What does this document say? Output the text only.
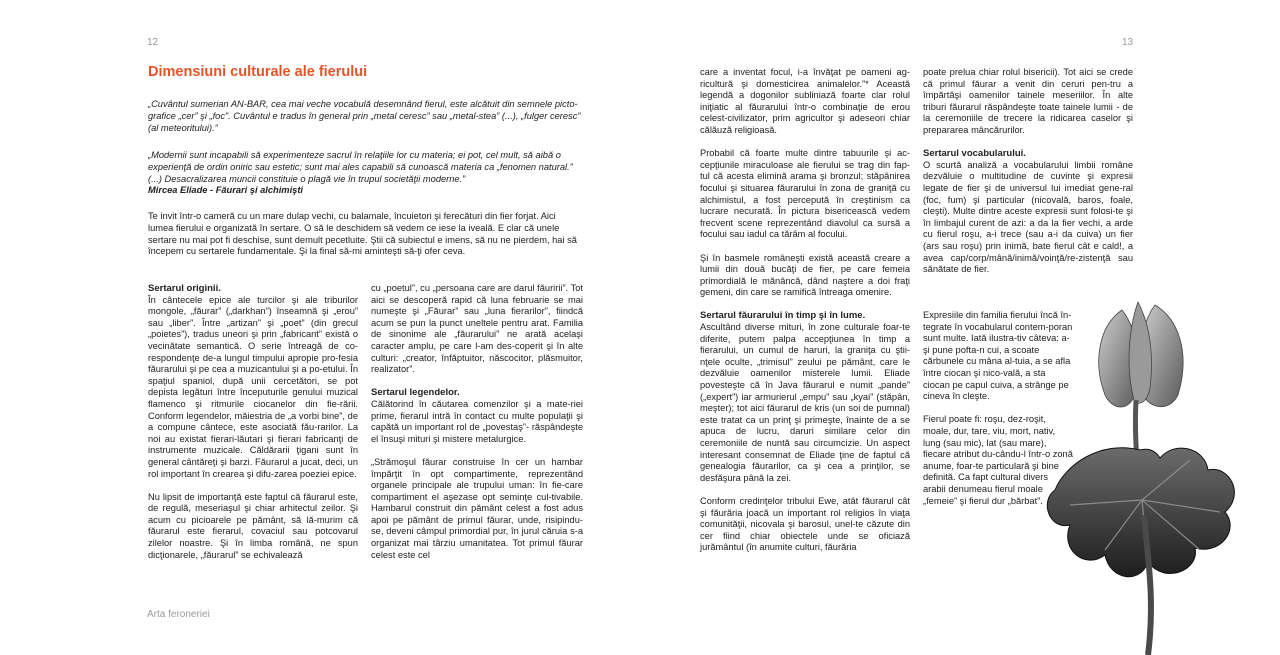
12	13
Dimensiuni culturale ale fierului

„Cuvântul sumerian AN-BAR, cea mai veche vocabulă desemnând fierul, este alcătuit din semnele picto-grafice „cer” şi „foc”. Cuvântul e tradus în general prin „metal ceresc” sau „metal-stea” (...), „fulger ceresc” (al meteoritului).”

„Modernii sunt incapabili să experimenteze sacrul în relaţiile lor cu materia; ei pot, cel mult, să aibă o experienţă de ordin oniric sau estetic; sunt mai ales capabili să cunoască materia ca „fenomen natural.” (...) Desacralizarea muncii constituie o plagă vie în trupul societăţii moderne.”
Mircea Eliade - Făurari şi alchimişti

Te invit într-o cameră cu un mare dulap vechi, cu balamale, încuietori şi ferecături din fier forjat. Aici lumea fierului e organizată în sertare. O să le deschidem să vedem ce iese la iveală. E clar că unele sertare nu mai pot fi deschise, sunt demult pecetluite. Ştii că subiectul e imens, să nu ne pierdem, hai să începem cu sertarele fundamentale. Şi la final să-mi aminteşti să-ţi ofer ceva.

Sertarul originii.

În cântecele epice ale turcilor şi ale triburilor mongole, „făurar” („darkhan”) înseamnă şi „erou” sau „liber”. Între „artizan” şi „poet” (din grecul „poietes”), tradus uneori şi prin „fabricant” există o vecinătate semantică. O serie întreagă de co-respondenţe de-a lungul timpului apropie pro-fesia făurarului şi pe cea a muzicantului şi a po-etului. În spaţiul spaniol, după unii cercetători, se pot depista legături între începuturile genului muzical flamenco şi ritmurile ciocanelor din fie-rării. Conform legendelor, măiestria de „a vorbi bine”, de a compune cântece, este asociată fău-rarilor. La noi au existat fierari-lăutari şi fierari fabricanţi de instrumente muzicale. Căldărarii ţigani sunt în general cântăreţi şi barzi. Făurarul a jucat, deci, un rol important în crearea şi difu-zarea poeziei epice.

Nu lipsit de importanţă este faptul că făurarul este, de regulă, meseriaşul şi chiar arhitectul zeilor. Şi acum cu picioarele pe pământ, să lă-murim că făurarul este fierarul, covaciul sau potcovarul zilelor noastre. Şi în limba română, ne spun dicţionarele, „făurarul” se echivalează

cu „poetul”, cu „persoana care are darul făuririi”. Tot aici se descoperă rapid că luna februarie se mai numeşte şi „Făurar” sau „luna fierarilor”, fiindcă acum se pun la punct uneltele pentru arat. Familia de sinonime ale „făurarului” ne arată acelaşi caracter amplu, pe care l-am des-coperit şi în alte culturi: „creator, înfăptuitor, născocitor, plăsmuitor, realizator”.

Sertarul legendelor.

Călătorind în căutarea comenzilor şi a mate-riei prime, fierarul intră în contact cu multe populaţii şi capătă un important rol de „povestaş”- răspândeşte el însuşi mituri şi mistere metalurgice.

„Strămoşul făurar construise în cer un hambar împărţit în opt compartimente, reprezentând organele principale ale trupului uman: în fie-care compartiment el aşezase opt seminţe cul-tivabile. Hambarul construit din pământ celest a fost adus apoi pe pământ de primul făurar, unde, risipindu-se, deveni câmpul primordial pur, în jurul căruia s-a organizat mai târziu umanitatea. Tot primul făurar celest este cel

Arta feroneriei

care a inventat focul, i-a învăţat pe oameni ag-ricultură şi domesticirea animalelor.”* Această legendă a dogonilor subliniază foarte clar rolul iniţiatic al făurarului într-o combinaţie de erou celest-civilizator, prim agricultor şi adeseori chiar călăuză religioasă.

Probabil că foarte multe dintre tabuurile şi ac-cepţiunile miraculoase ale fierului se trag din fap-tul că acesta elimină arama şi bronzul; stăpânirea focului şi situarea făurarului în zona de graniţă cu alchimistul, a fost percepută în creştinism ca lucrare necurată. În pictura bisericească vedem frecvent scene reprezentând diavolul ca sursă a focului sau iadul ca tărâm al focului.

Şi în basmele româneşti există această creare a lumii din două bucăţi de fier, pe care femeia primordială le mănâncă, dând naştere a doi fraţi gemeni, din care se ramifică întreaga omenire.

Sertarul făurarului în timp şi în lume.

Ascultând diverse mituri, în zone culturale foar-te diferite, putem palpa accepţiunea în timp a fierarului, un cumul de haruri, la graniţa cu ştii-nţele oculte, „trimisul” zeului pe pământ, care le dezvăluie oamenilor misterele lumii. Eliade povesteşte că în Java făurarul e numit „pande” („expert”) iar armurierul „empu” sau „kyai” (stăpân, meşter); tot aici făurarul de kris (un soi de pumnal) este tratat ca un prinţ şi primeşte, înainte de a se apuca de lucru, daruri similare celor din ceremoniile de nuntă sau circumcizie. Un aspect interesant consemnat de Eliade ţine de faptul că genealogia făurarilor, ca şi cea a prinţilor, se desfăşura până la zei.

Conform credinţelor tribului Ewe, atât făurarul cât şi făurăria joacă un important rol religios în viaţa comunităţii, nicovala şi barosul, unel-te căzute din cer fiind chiar obiectele unde se oficiază jurământul (în anumite culturi, făurăria

poate prelua chiar rolul bisericii). Tot aici se crede că primul făurar a venit din ceruri pen-tru a împărtăşi oamenilor tainele meseriilor. În alte triburi făurarul răspândeşte toate tainele lumii - de la ceremoniile de trecere la ridicarea caselor şi prepararea mâncărurilor.

Sertarul vocabularului.

O scurtă analiză a vocabularului limbii române dezvăluie o multitudine de cuvinte şi expresii legate de fier şi de universul lui imediat gene-ral (foc, fum) şi particular (nicovală, baros, foale, cleşti). Multe dintre aceste expresii sunt folosi-te şi în limbajul curent de azi: a da la fier vechi, a arde cu fierul roşu, a-i trece (sau a-i da cuiva) un fier (ars sau roşu) prin inimă, bate fierul cât e cald!, a avea cap/corp/mână/inimă/voinţă/re-zistenţă sau sănătate de fier.

Expresiile din familia fierului încă în-tegrate în vocabularul contem-poran sunt multe. Iată ilustra-tiv câteva: a-şi pune pofta-n cui, a scoate cărbunele cu mâna al-tuia, a se afla între ciocan şi nico-vală, a sta ciocan pe capul cuiva, a strânge pe cineva în cleşte.

Fierul poate fi: roşu, dez-roşit, moale, dur, tare, viu, mort, nativ, lung (sau mic), lat (sau mare), fiecare atribut du-cându-l într-o zonă anume, foar-te particulară şi bine definită. Ca fapt cultural divers arabii denumeau fierul moale „femeie” şi fierul dur „bărbat”.
